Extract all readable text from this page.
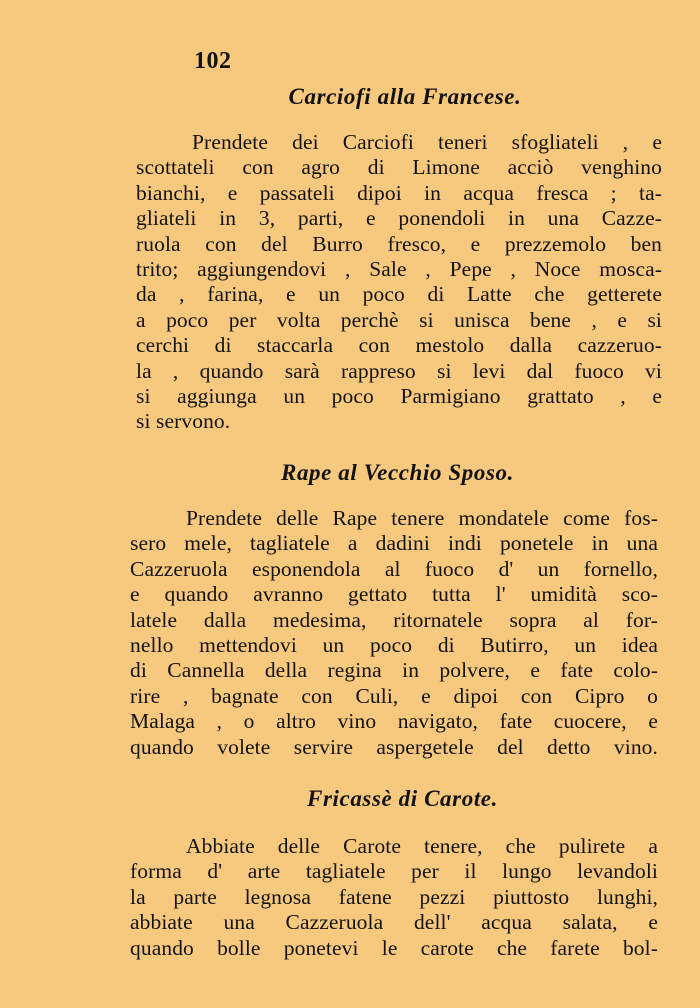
102
Carciofi alla Francese.
Prendete dei Carciofi teneri sfogliateli , e
scottateli con agro di Limone acciò venghino
bianchi, e passateli dipoi in acqua fresca ; ta-
gliateli in 3, parti, e ponendoli in una Cazze-
ruola con del Burro fresco, e prezzemolo ben
trito; aggiungendovi , Sale , Pepe , Noce mosca-
da , farina, e un poco di Latte che getterete
a poco per volta perchè si unisca bene , e si
cerchi di staccarla con mestolo dalla cazzeruo-
la , quando sarà rappreso si levi dal fuoco vi
si aggiunga un poco Parmigiano grattato , e
si servono.
Rape al Vecchio Sposo.
Prendete delle Rape tenere mondatele come fos-
sero mele, tagliatele a dadini indi ponetele in una
Cazzeruola esponendola al fuoco d' un fornello,
e quando avranno gettato tutta l' umidità sco-
latele dalla medesima, ritornatele sopra al for-
nello mettendovi un poco di Butirro, un idea
di Cannella della regina in polvere, e fate colo-
rire , bagnate con Culi, e dipoi con Cipro o
Malaga , o altro vino navigato, fate cuocere, e
quando volete servire aspergetele del detto vino.
Fricassè di Carote.
Abbiate delle Carote tenere, che pulirete a
forma d' arte tagliatele per il lungo levandoli
la parte legnosa fatene pezzi piuttosto lunghi,
abbiate una Cazzeruola dell' acqua salata, e
quando bolle ponetevi le carote che farete bol-
